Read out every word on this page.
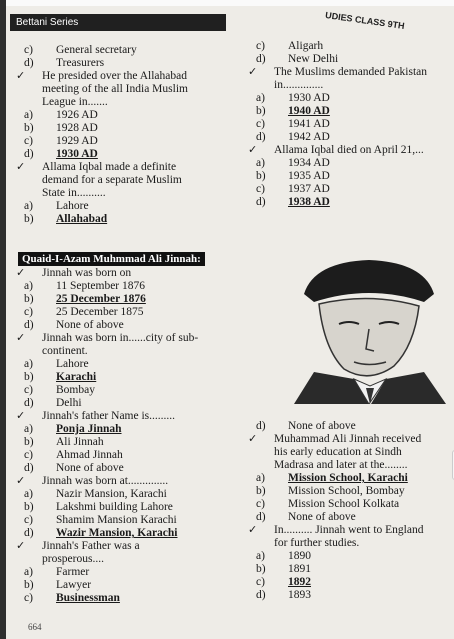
Bettani Series	UDIES CLASS 9TH
c) General secretary
d) Treasurers
✓ He presided over the Allahabad
meeting of the all India Muslim
League in.......
a) 1926 AD
b) 1928 AD
c) 1929 AD
d) 1930 AD
✓ Allama Iqbal made a definite
demand for a separate Muslim
State in..........
a) Lahore
b) Allahabad
c) Aligarh
d) New Delhi
✓ The Muslims demanded Pakistan
in..............
a) 1930 AD
b) 1940 AD
c) 1941 AD
d) 1942 AD
✓ Allama Iqbal died on April 21,...
a) 1934 AD
b) 1935 AD
c) 1937 AD
d) 1938 AD
Quaid-I-Azam Muhmmad Ali Jinnah:
✓ Jinnah was born on
a) 11 September 1876
b) 25 December 1876
c) 25 December 1875
d) None of above
✓ Jinnah was born in......city of sub-
continent.
a) Lahore
b) Karachi
c) Bombay
d) Delhi
✓ Jinnah's father Name is.........
a) Ponja Jinnah
b) Ali Jinnah
c) Ahmad Jinnah
d) None of above
✓ Jinnah was born at..............
a) Nazir Mansion, Karachi
b) Lakshmi building Lahore
c) Shamim Mansion Karachi
d) Wazir Mansion, Karachi
✓ Jinnah's Father was a
prosperous....
a) Farmer
b) Lawyer
c) Businessman
d) None of above
✓ Muhammad Ali Jinnah received
his early education at Sindh
Madrasa and later at the........
a) Mission School, Karachi
b) Mission School, Bombay
c) Mission School Kolkata
d) None of above
✓ In.......... Jinnah went to England
for further studies.
a) 1890
b) 1891
c) 1892
d) 1893
664
